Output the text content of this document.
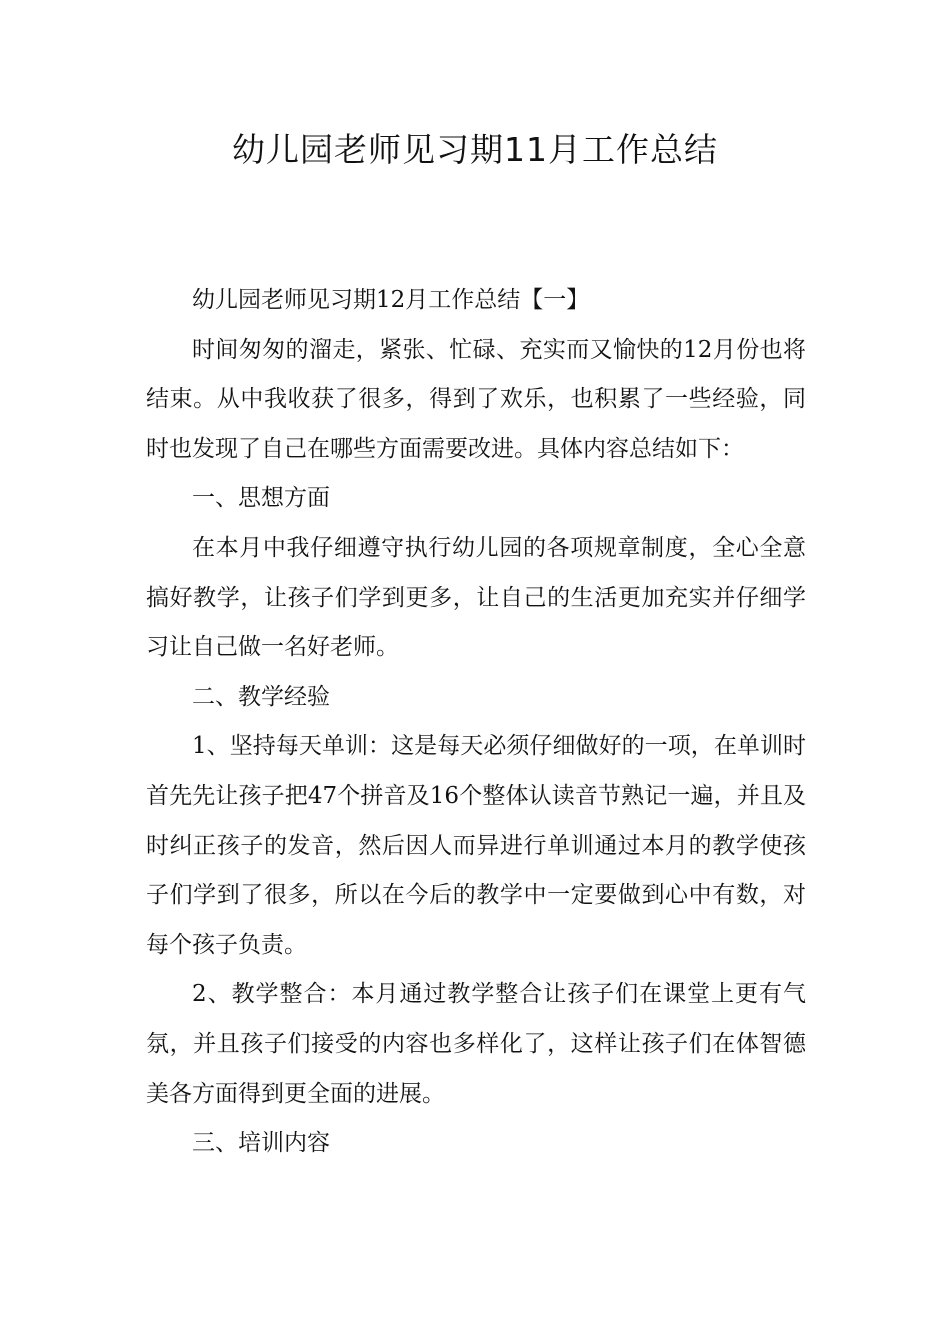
幼儿园老师见习期11月工作总结

幼儿园老师见习期12月工作总结【一】

时间匆匆的溜走，紧张、忙碌、充实而又愉快的12月份也将结束。从中我收获了很多，得到了欢乐，也积累了一些经验，同时也发现了自己在哪些方面需要改进。具体内容总结如下：

一、思想方面

在本月中我仔细遵守执行幼儿园的各项规章制度，全心全意搞好教学，让孩子们学到更多，让自己的生活更加充实并仔细学习让自己做一名好老师。

二、教学经验

1、坚持每天单训：这是每天必须仔细做好的一项，在单训时首先先让孩子把47个拼音及16个整体认读音节熟记一遍，并且及时纠正孩子的发音，然后因人而异进行单训通过本月的教学使孩子们学到了很多，所以在今后的教学中一定要做到心中有数，对每个孩子负责。

2、教学整合：本月通过教学整合让孩子们在课堂上更有气氛，并且孩子们接受的内容也多样化了，这样让孩子们在体智德美各方面得到更全面的进展。

三、培训内容
